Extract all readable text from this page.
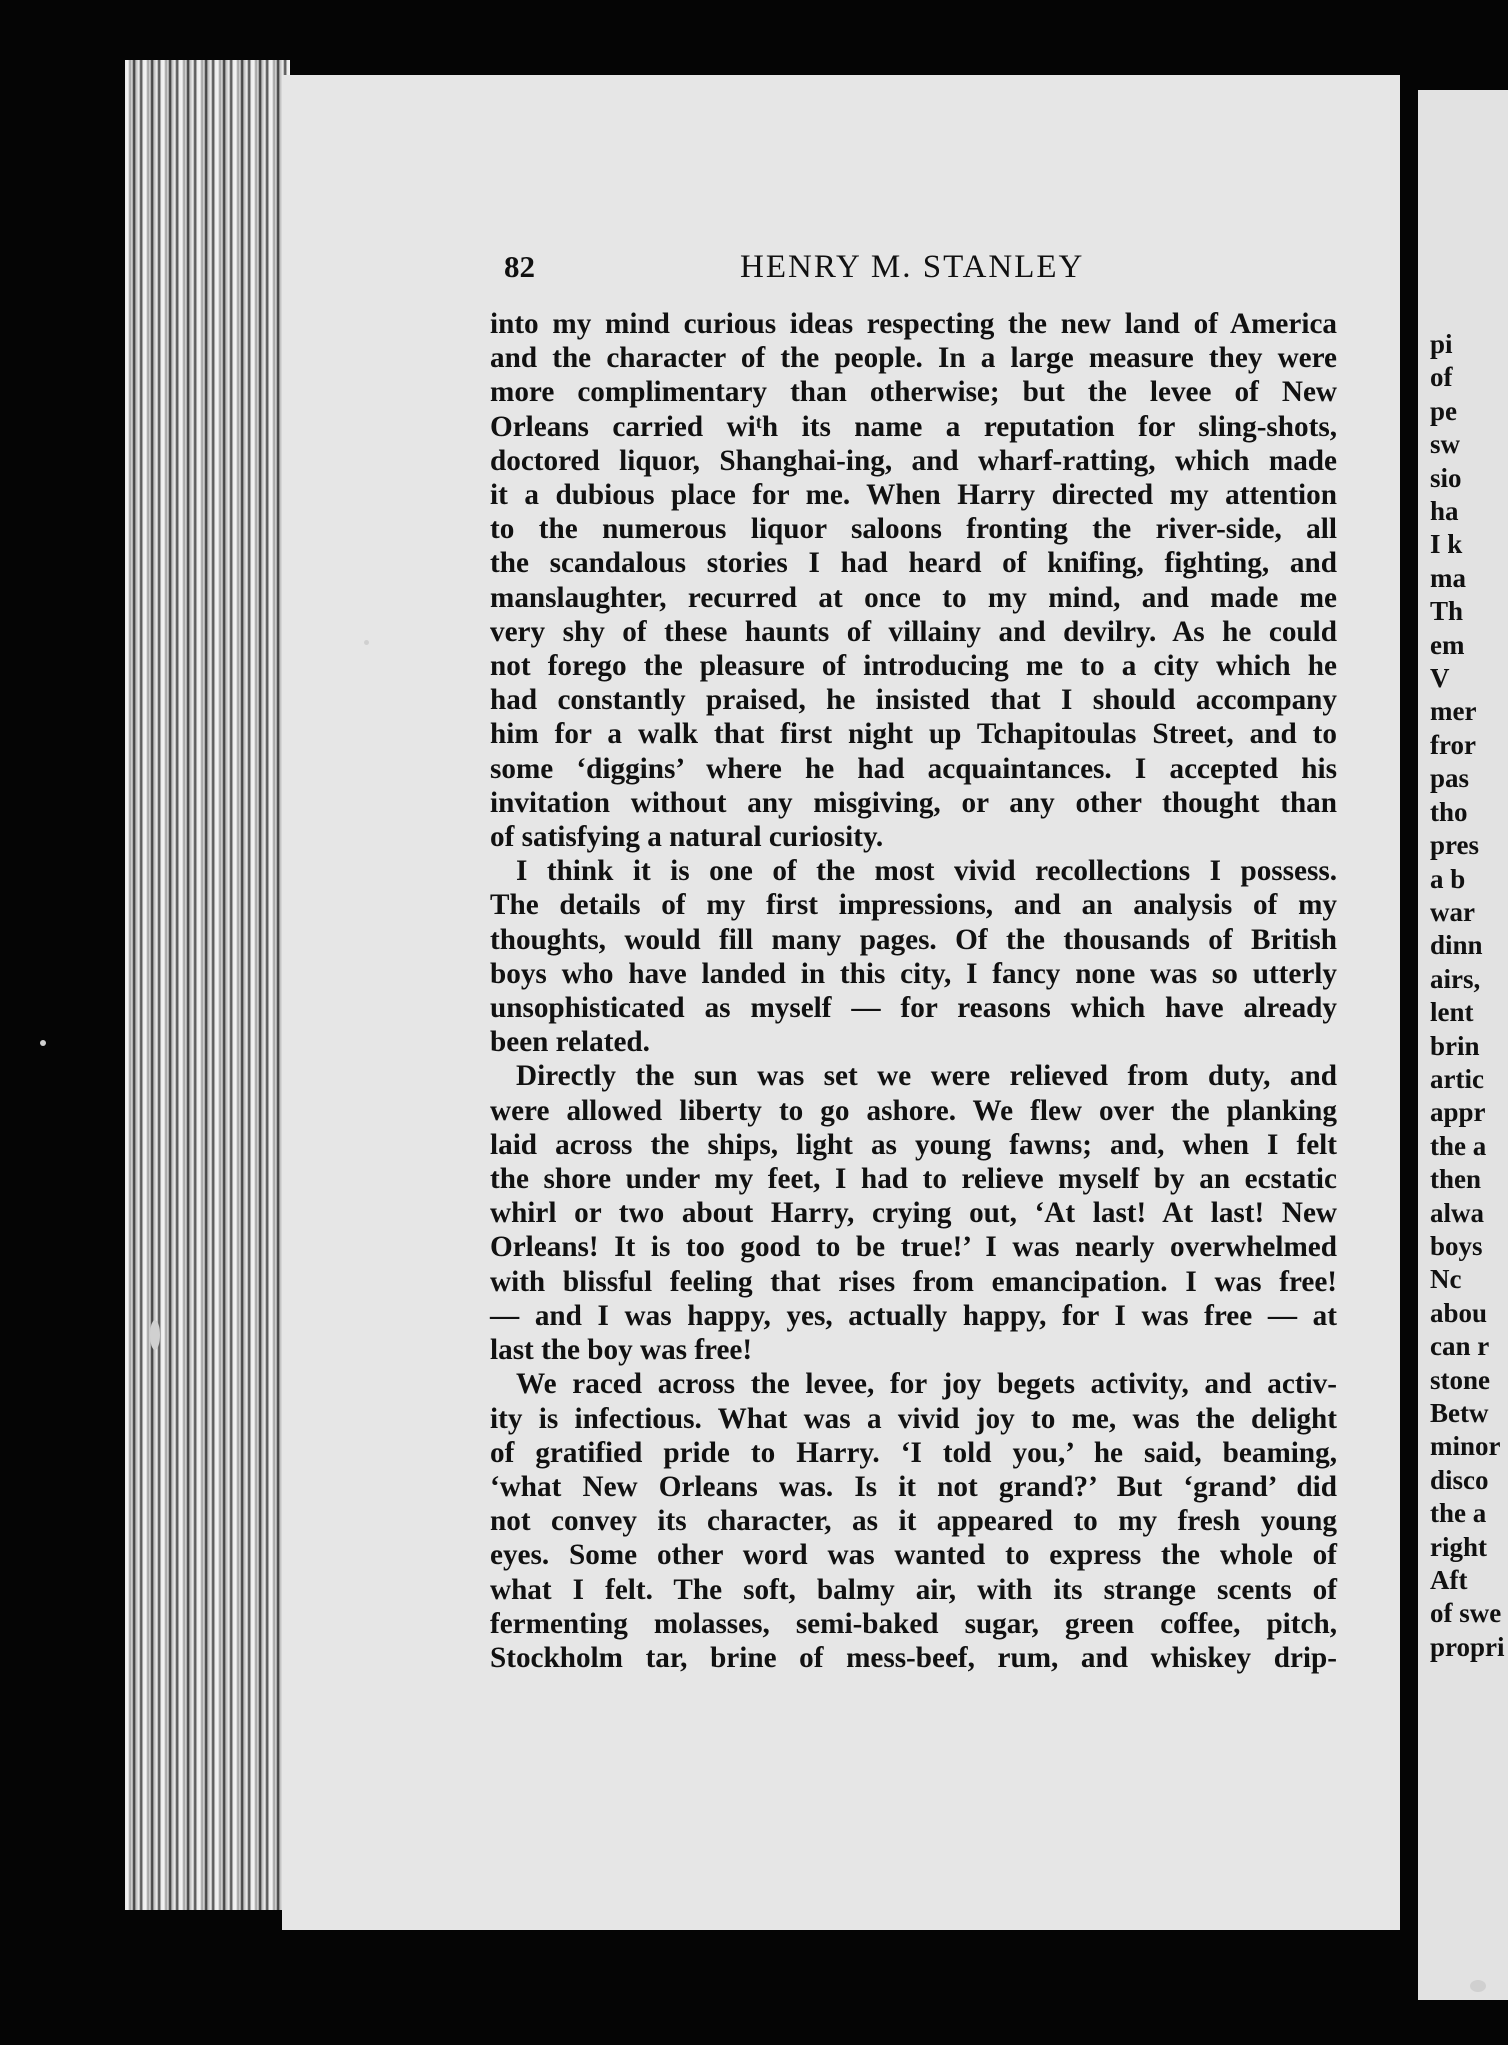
82	HENRY M. STANLEY
into my mind curious ideas respecting the new land of America
and the character of the people. In a large measure they were
more complimentary than otherwise; but the levee of New
Orleans carried wiᵗh its name a reputation for sling-shots,
doctored liquor, Shanghai-ing, and wharf-ratting, which made
it a dubious place for me. When Harry directed my attention
to the numerous liquor saloons fronting the river-side, all
the scandalous stories I had heard of knifing, fighting, and
manslaughter, recurred at once to my mind, and made me
very shy of these haunts of villainy and devilry. As he could
not forego the pleasure of introducing me to a city which he
had constantly praised, he insisted that I should accompany
him for a walk that first night up Tchapitoulas Street, and to
some ‘diggins’ where he had acquaintances. I accepted his
invitation without any misgiving, or any other thought than
of satisfying a natural curiosity.
I think it is one of the most vivid recollections I possess.
The details of my first impressions, and an analysis of my
thoughts, would fill many pages. Of the thousands of British
boys who have landed in this city, I fancy none was so utterly
unsophisticated as myself — for reasons which have already
been related.
Directly the sun was set we were relieved from duty, and
were allowed liberty to go ashore. We flew over the planking
laid across the ships, light as young fawns; and, when I felt
the shore under my feet, I had to relieve myself by an ecstatic
whirl or two about Harry, crying out, ‘At last! At last! New
Orleans! It is too good to be true!’ I was nearly overwhelmed
with blissful feeling that rises from emancipation. I was free!
— and I was happy, yes, actually happy, for I was free — at
last the boy was free!
We raced across the levee, for joy begets activity, and activ-
ity is infectious. What was a vivid joy to me, was the delight
of gratified pride to Harry. ‘I told you,’ he said, beaming,
‘what New Orleans was. Is it not grand?’ But ‘grand’ did
not convey its character, as it appeared to my fresh young
eyes. Some other word was wanted to express the whole of
what I felt. The soft, balmy air, with its strange scents of
fermenting molasses, semi-baked sugar, green coffee, pitch,
Stockholm tar, brine of mess-beef, rum, and whiskey drip-
pi
of
pe
sw
sio
ha
I k
ma
Th
em
V
mer
fror
pas
tho
pres
a b
war
dinn
airs,
lent
brin
artic
appr
the a
then
alwa
boys
Nc
abou
can r
stone
Betw
minor
disco
the a
right
Aft
of swe
propri
